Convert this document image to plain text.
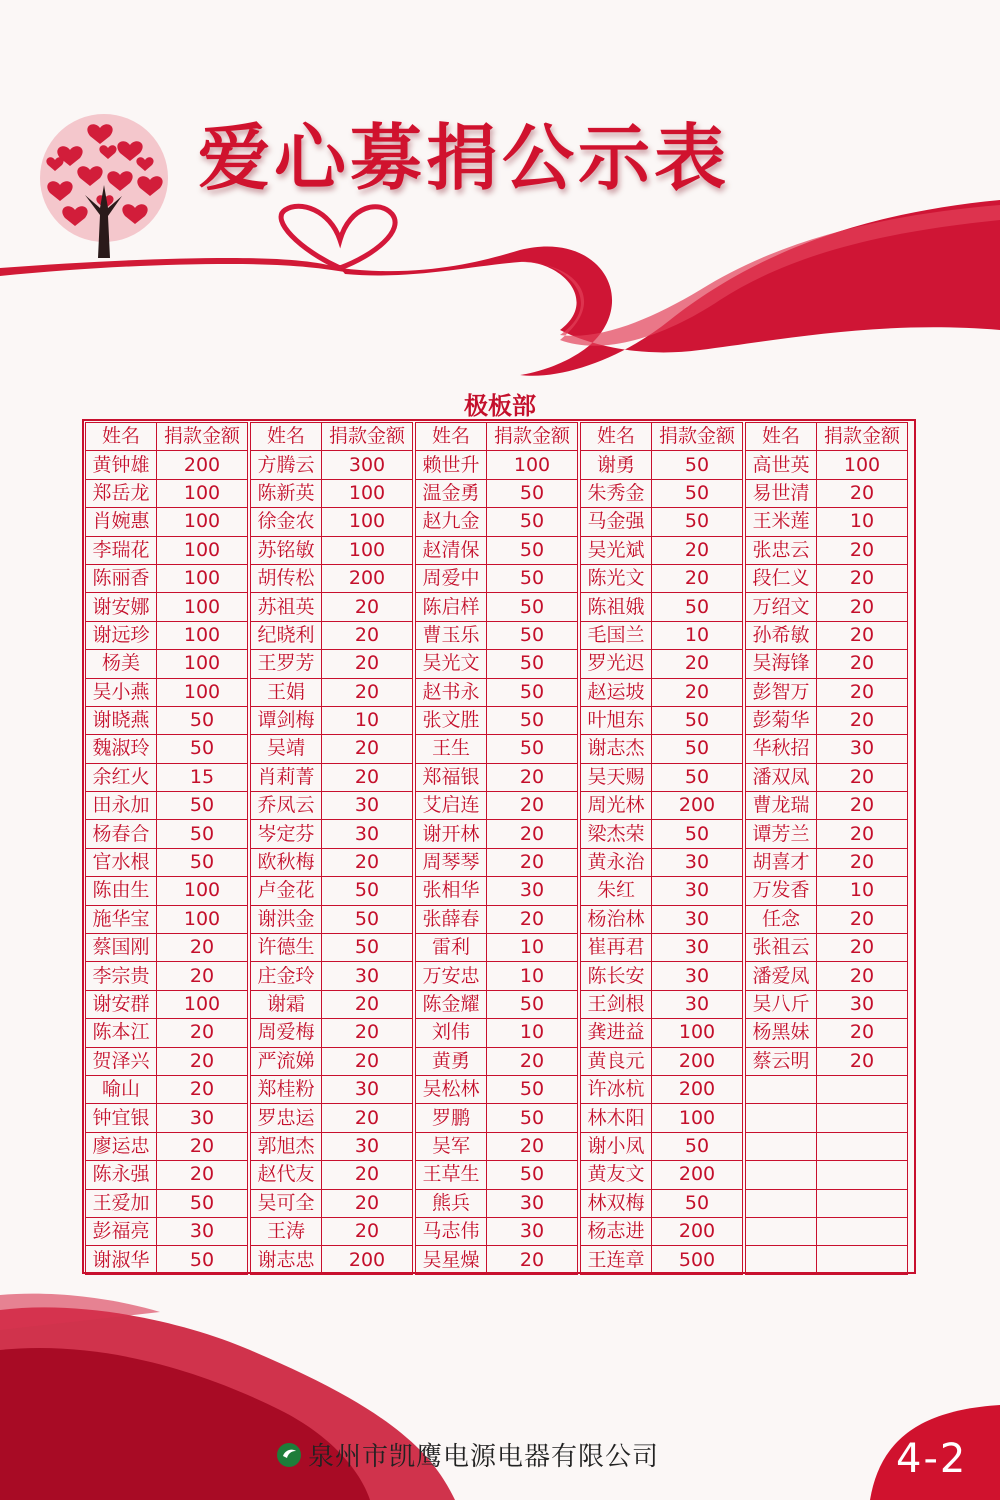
爱心募捐公示表
极板部
姓名	捐款金额
黄钟雄	200
郑岳龙	100
肖婉惠	100
李瑞花	100
陈丽香	100
谢安娜	100
谢远珍	100
杨美	100
吴小燕	100
谢晓燕	50
魏淑玲	50
余红火	15
田永加	50
杨春合	50
官水根	50
陈由生	100
施华宝	100
蔡国刚	20
李宗贵	20
谢安群	100
陈本江	20
贺泽兴	20
喻山	20
钟宜银	30
廖运忠	20
陈永强	20
王爱加	50
彭福亮	30
谢淑华	50
姓名	捐款金额
方腾云	300
陈新英	100
徐金农	100
苏铭敏	100
胡传松	200
苏祖英	20
纪晓利	20
王罗芳	20
王娟	20
谭剑梅	10
吴靖	20
肖莉菁	20
乔凤云	30
岑定芬	30
欧秋梅	20
卢金花	50
谢洪金	50
许德生	50
庄金玲	30
谢霜	20
周爱梅	20
严流娣	20
郑桂粉	30
罗忠运	20
郭旭杰	30
赵代友	20
吴可全	20
王涛	20
谢志忠	200
姓名	捐款金额
赖世升	100
温金勇	50
赵九金	50
赵清保	50
周爱中	50
陈启样	50
曹玉乐	50
吴光文	50
赵书永	50
张文胜	50
王生	50
郑福银	20
艾启连	20
谢开林	20
周琴琴	20
张相华	30
张薛春	20
雷利	10
万安忠	10
陈金耀	50
刘伟	10
黄勇	20
吴松林	50
罗鹏	50
吴军	20
王草生	50
熊兵	30
马志伟	30
吴星燥	20
姓名	捐款金额
谢勇	50
朱秀金	50
马金强	50
吴光斌	20
陈光文	20
陈祖娥	50
毛国兰	10
罗光迟	20
赵运坡	20
叶旭东	50
谢志杰	50
吴天赐	50
周光林	200
梁杰荣	50
黄永治	30
朱红	30
杨治林	30
崔再君	30
陈长安	30
王剑根	30
龚进益	100
黄良元	200
许冰杭	200
林木阳	100
谢小凤	50
黄友文	200
林双梅	50
杨志进	200
王连章	500
姓名	捐款金额
高世英	100
易世清	20
王米莲	10
张忠云	20
段仁义	20
万绍文	20
孙希敏	20
吴海锋	20
彭智万	20
彭菊华	20
华秋招	30
潘双凤	20
曹龙瑞	20
谭芳兰	20
胡喜才	20
万发香	10
任念	20
张祖云	20
潘爱凤	20
吴八斤	30
杨黑妹	20
蔡云明	20

泉州市凯鹰电源电器有限公司	4-2
